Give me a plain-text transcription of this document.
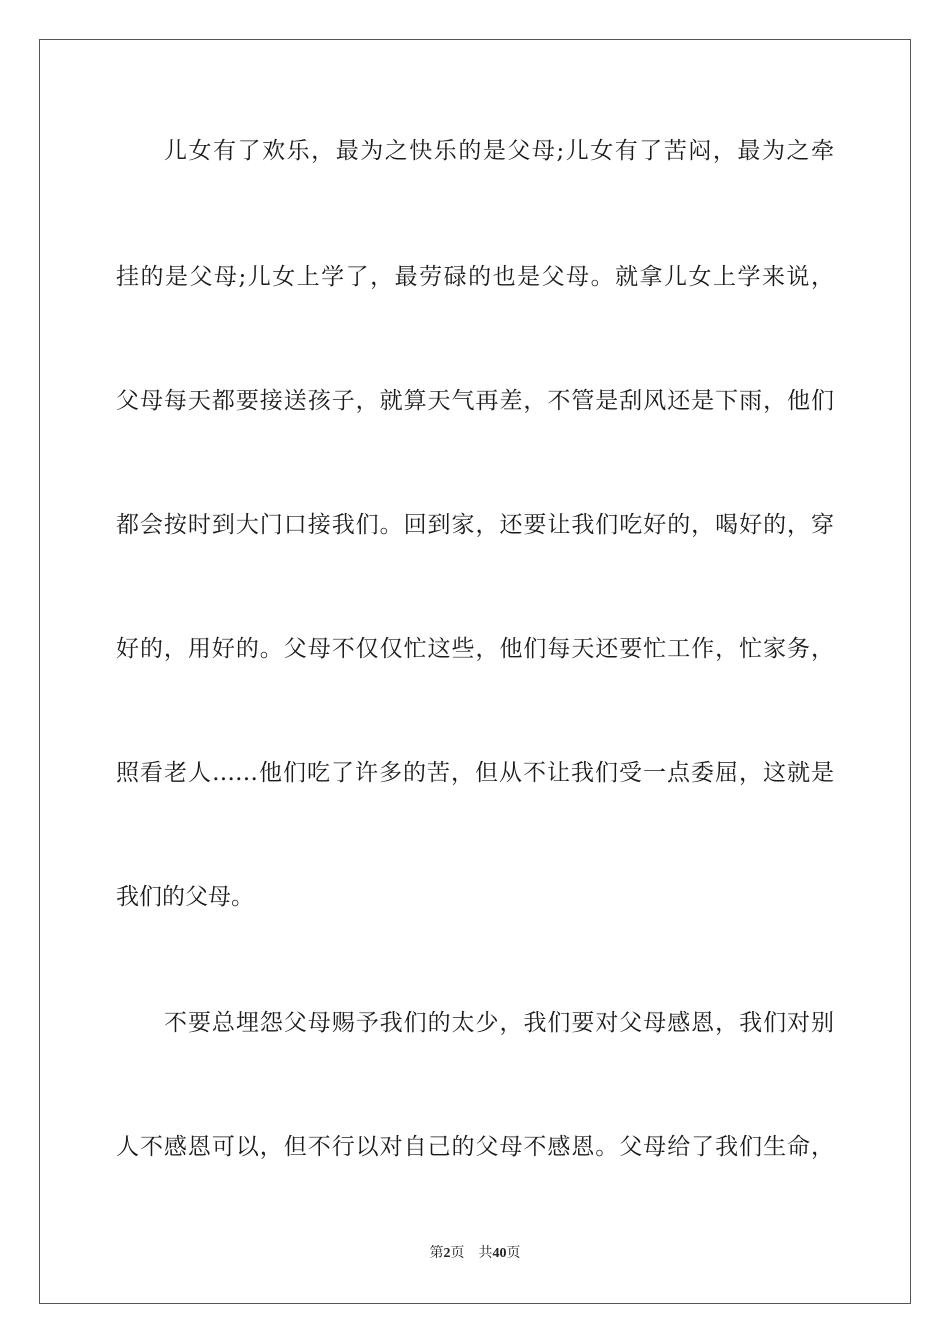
儿女有了欢乐，最为之快乐的是父母;儿女有了苦闷，最为之牵
挂的是父母;儿女上学了，最劳碌的也是父母。就拿儿女上学来说，
父母每天都要接送孩子，就算天气再差，不管是刮风还是下雨，他们
都会按时到大门口接我们。回到家，还要让我们吃好的，喝好的，穿
好的，用好的。父母不仅仅忙这些，他们每天还要忙工作，忙家务，
照看老人……他们吃了许多的苦，但从不让我们受一点委屈，这就是
我们的父母。
不要总埋怨父母赐予我们的太少，我们要对父母感恩，我们对别
人不感恩可以，但不行以对自己的父母不感恩。父母给了我们生命，
第2页 共40页
